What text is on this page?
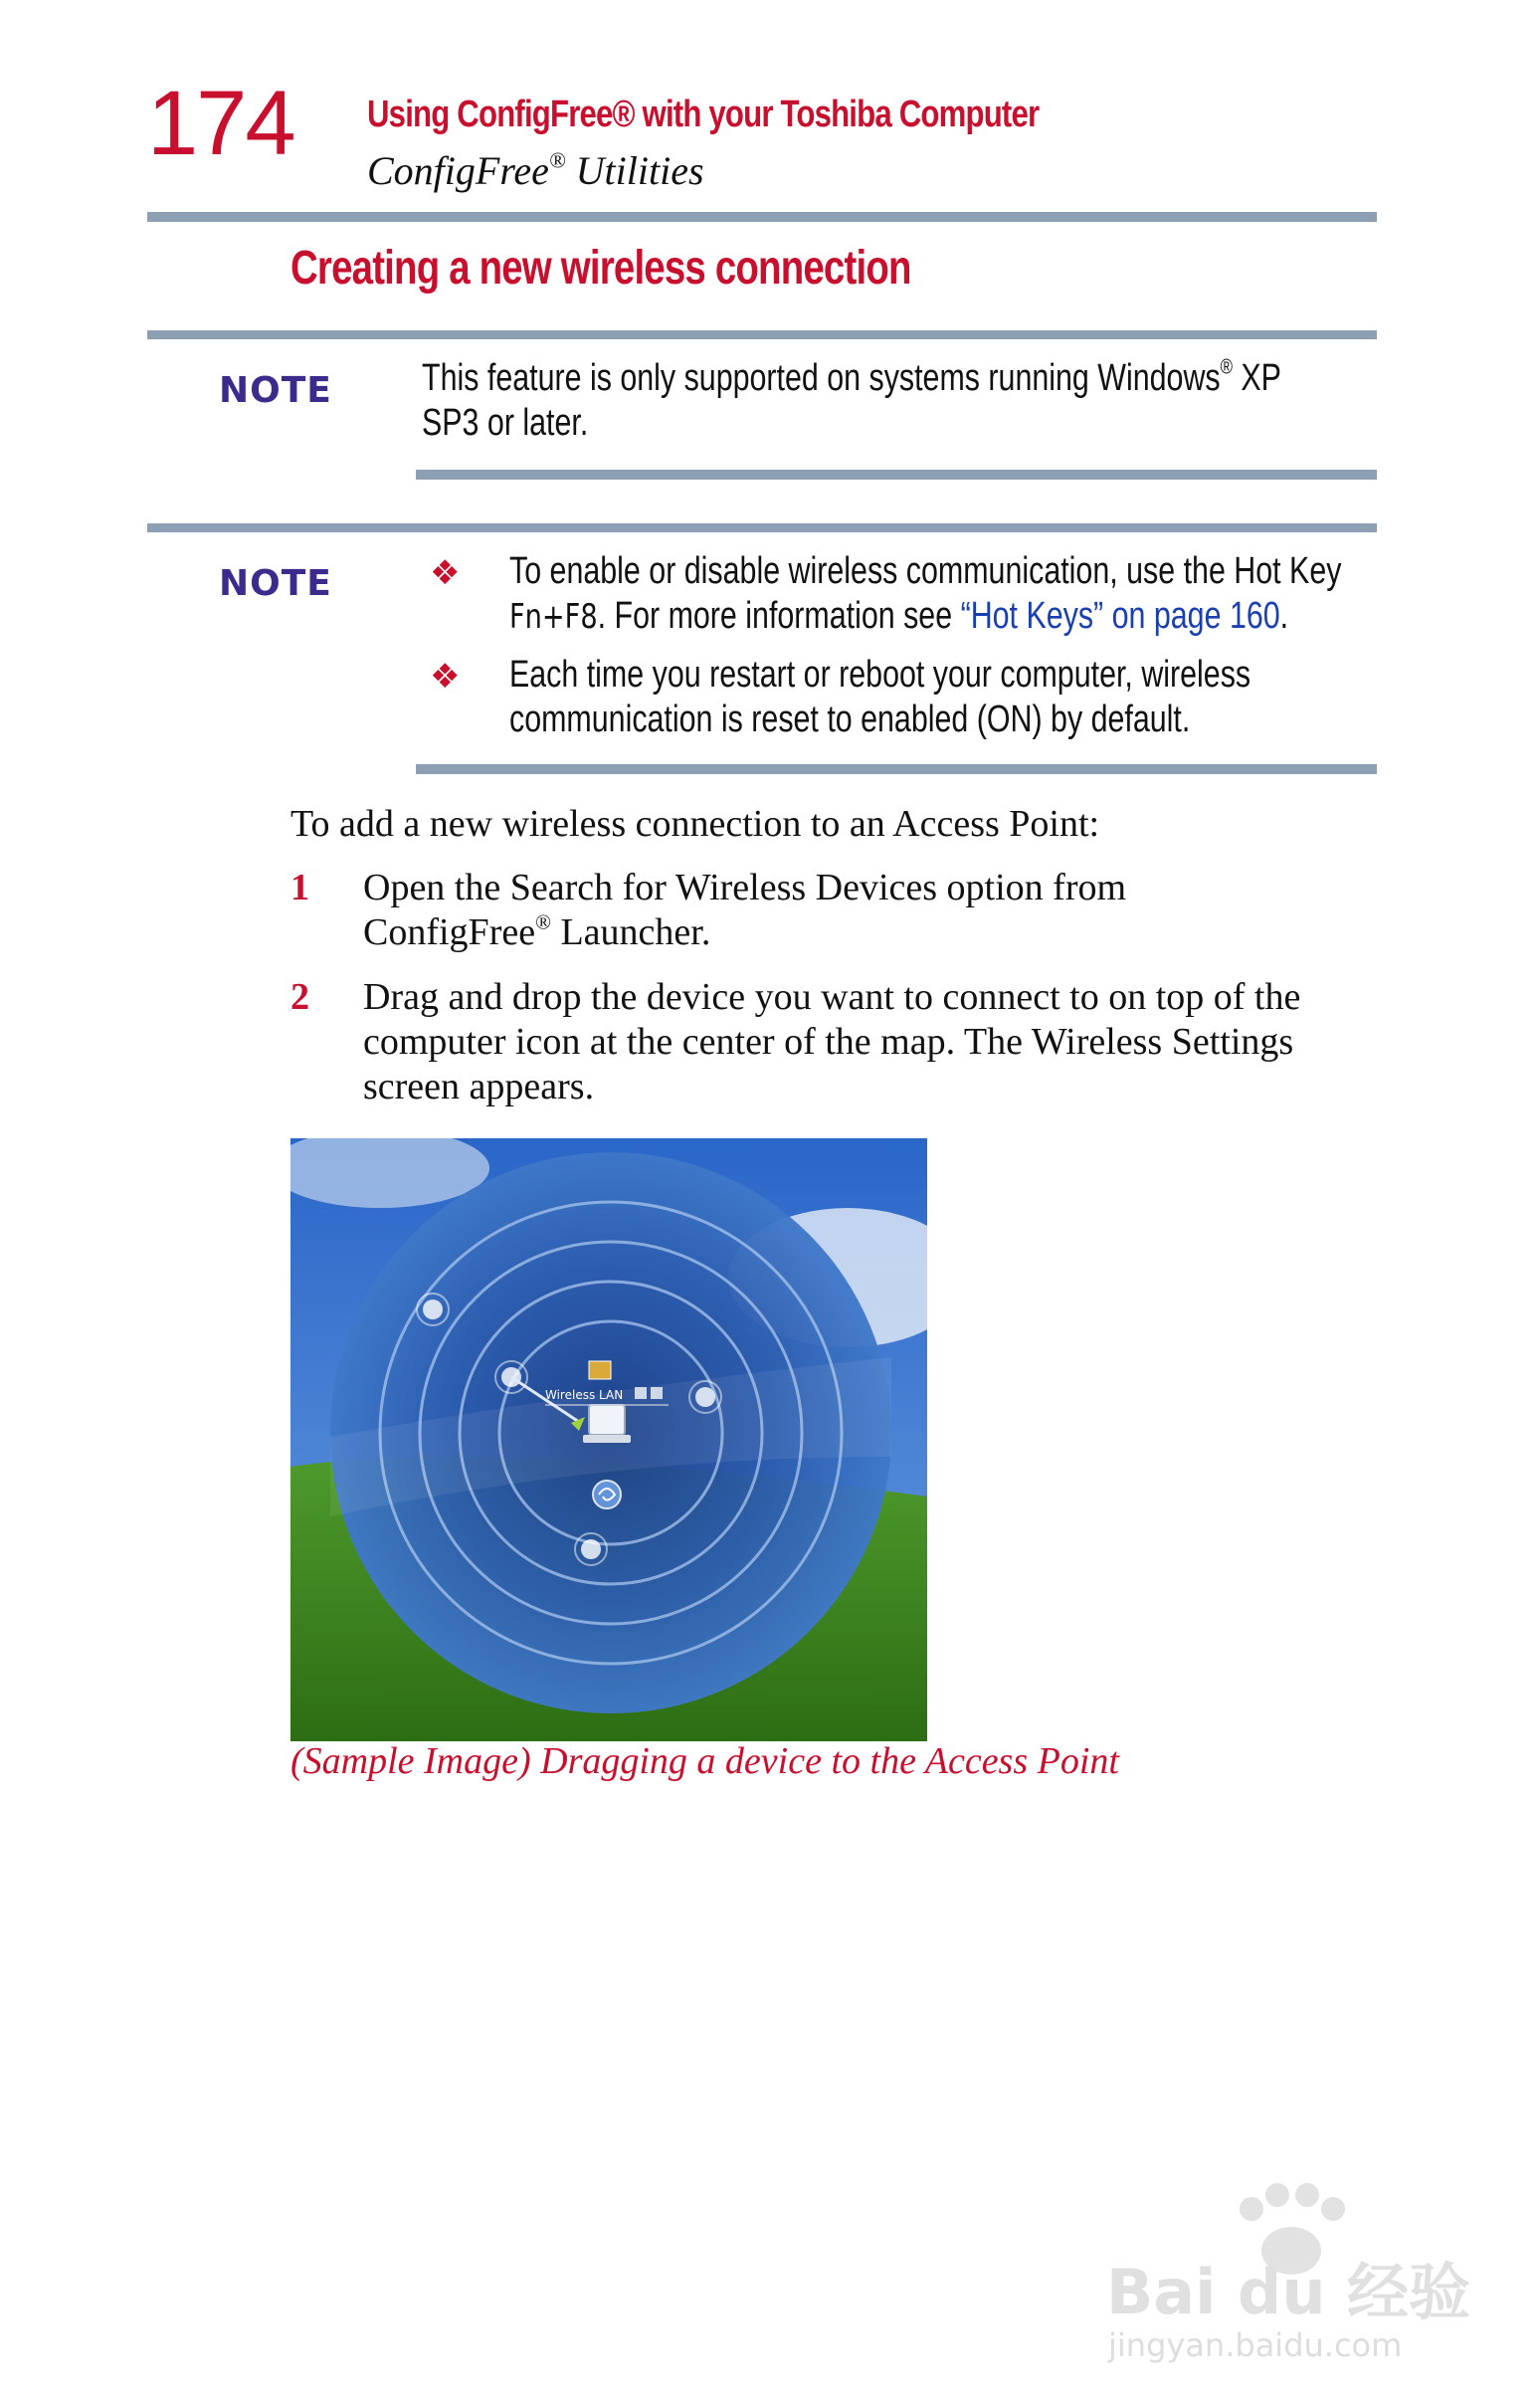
174 Using ConfigFree® with your Toshiba Computer
ConfigFree® Utilities
Creating a new wireless connection
NOTE This feature is only supported on systems running Windows® XP
SP3 or later.
NOTE	❖ To enable or disable wireless communication, use the Hot Key
Fn+F8. For more information see “Hot Keys” on page 160.
❖ Each time you restart or reboot your computer, wireless
communication is reset to enabled (ON) by default.
To add a new wireless connection to an Access Point:
1 Open the Search for Wireless Devices option from
ConfigFree® Launcher.
2 Drag and drop the device you want to connect to on top of the
computer icon at the center of the map. The Wireless Settings
screen appears.
Wireless LAN
(Sample Image) Dragging a device to the Access Point
Bai du 经验
jingyan.baidu.com
